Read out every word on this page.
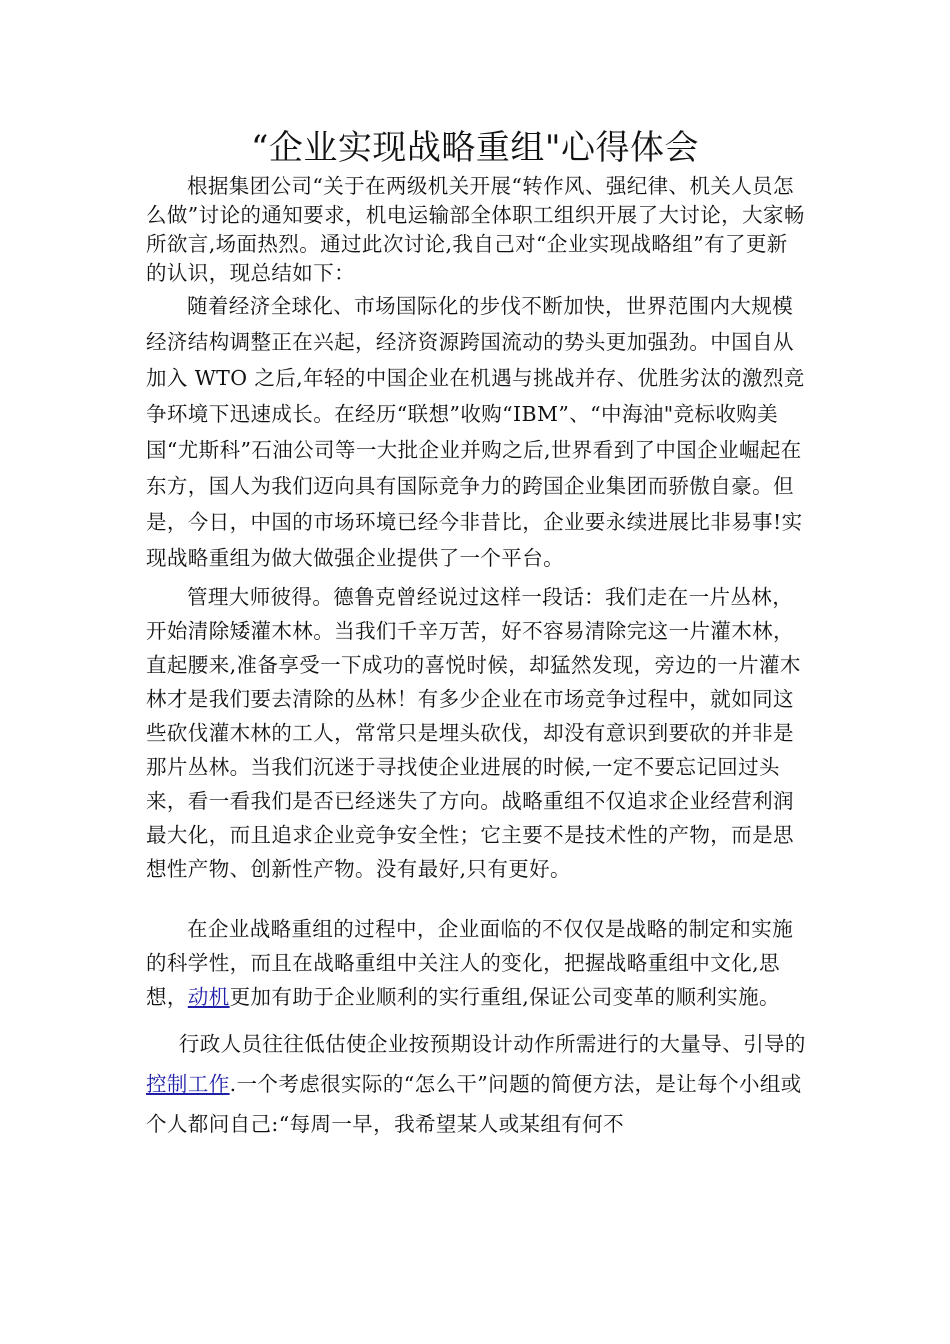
“企业实现战略重组"心得体会

根据集团公司“关于在两级机关开展“转作风、强纪律、机关人员怎么做”讨论的通知要求，机电运输部全体职工组织开展了大讨论，大家畅所欲言,场面热烈。通过此次讨论,我自己对“企业实现战略组”有了更新的认识，现总结如下：

随着经济全球化、市场国际化的步伐不断加快，世界范围内大规模经济结构调整正在兴起，经济资源跨国流动的势头更加强劲。中国自从加入 WTO 之后,年轻的中国企业在机遇与挑战并存、优胜劣汰的激烈竞争环境下迅速成长。在经历“联想”收购“IBM”、“中海油"竞标收购美国“尤斯科”石油公司等一大批企业并购之后,世界看到了中国企业崛起在东方，国人为我们迈向具有国际竞争力的跨国企业集团而骄傲自豪。但是，今日，中国的市场环境已经今非昔比，企业要永续进展比非易事!实现战略重组为做大做强企业提供了一个平台。

管理大师彼得。德鲁克曾经说过这样一段话：我们走在一片丛林，开始清除矮灌木林。当我们千辛万苦，好不容易清除完这一片灌木林，直起腰来,准备享受一下成功的喜悦时候，却猛然发现，旁边的一片灌木林才是我们要去清除的丛林！有多少企业在市场竞争过程中，就如同这些砍伐灌木林的工人，常常只是埋头砍伐，却没有意识到要砍的并非是那片丛林。当我们沉迷于寻找使企业进展的时候,一定不要忘记回过头来，看一看我们是否已经迷失了方向。战略重组不仅追求企业经营利润最大化，而且追求企业竞争安全性；它主要不是技术性的产物，而是思想性产物、创新性产物。没有最好,只有更好。

在企业战略重组的过程中，企业面临的不仅仅是战略的制定和实施的科学性，而且在战略重组中关注人的变化，把握战略重组中文化,思想，动机更加有助于企业顺利的实行重组,保证公司变革的顺利实施。

行政人员往往低估使企业按预期设计动作所需进行的大量导、引导的控制工作.一个考虑很实际的“怎么干”问题的简便方法，是让每个小组或个人都问自己:“每周一早，我希望某人或某组有何不
